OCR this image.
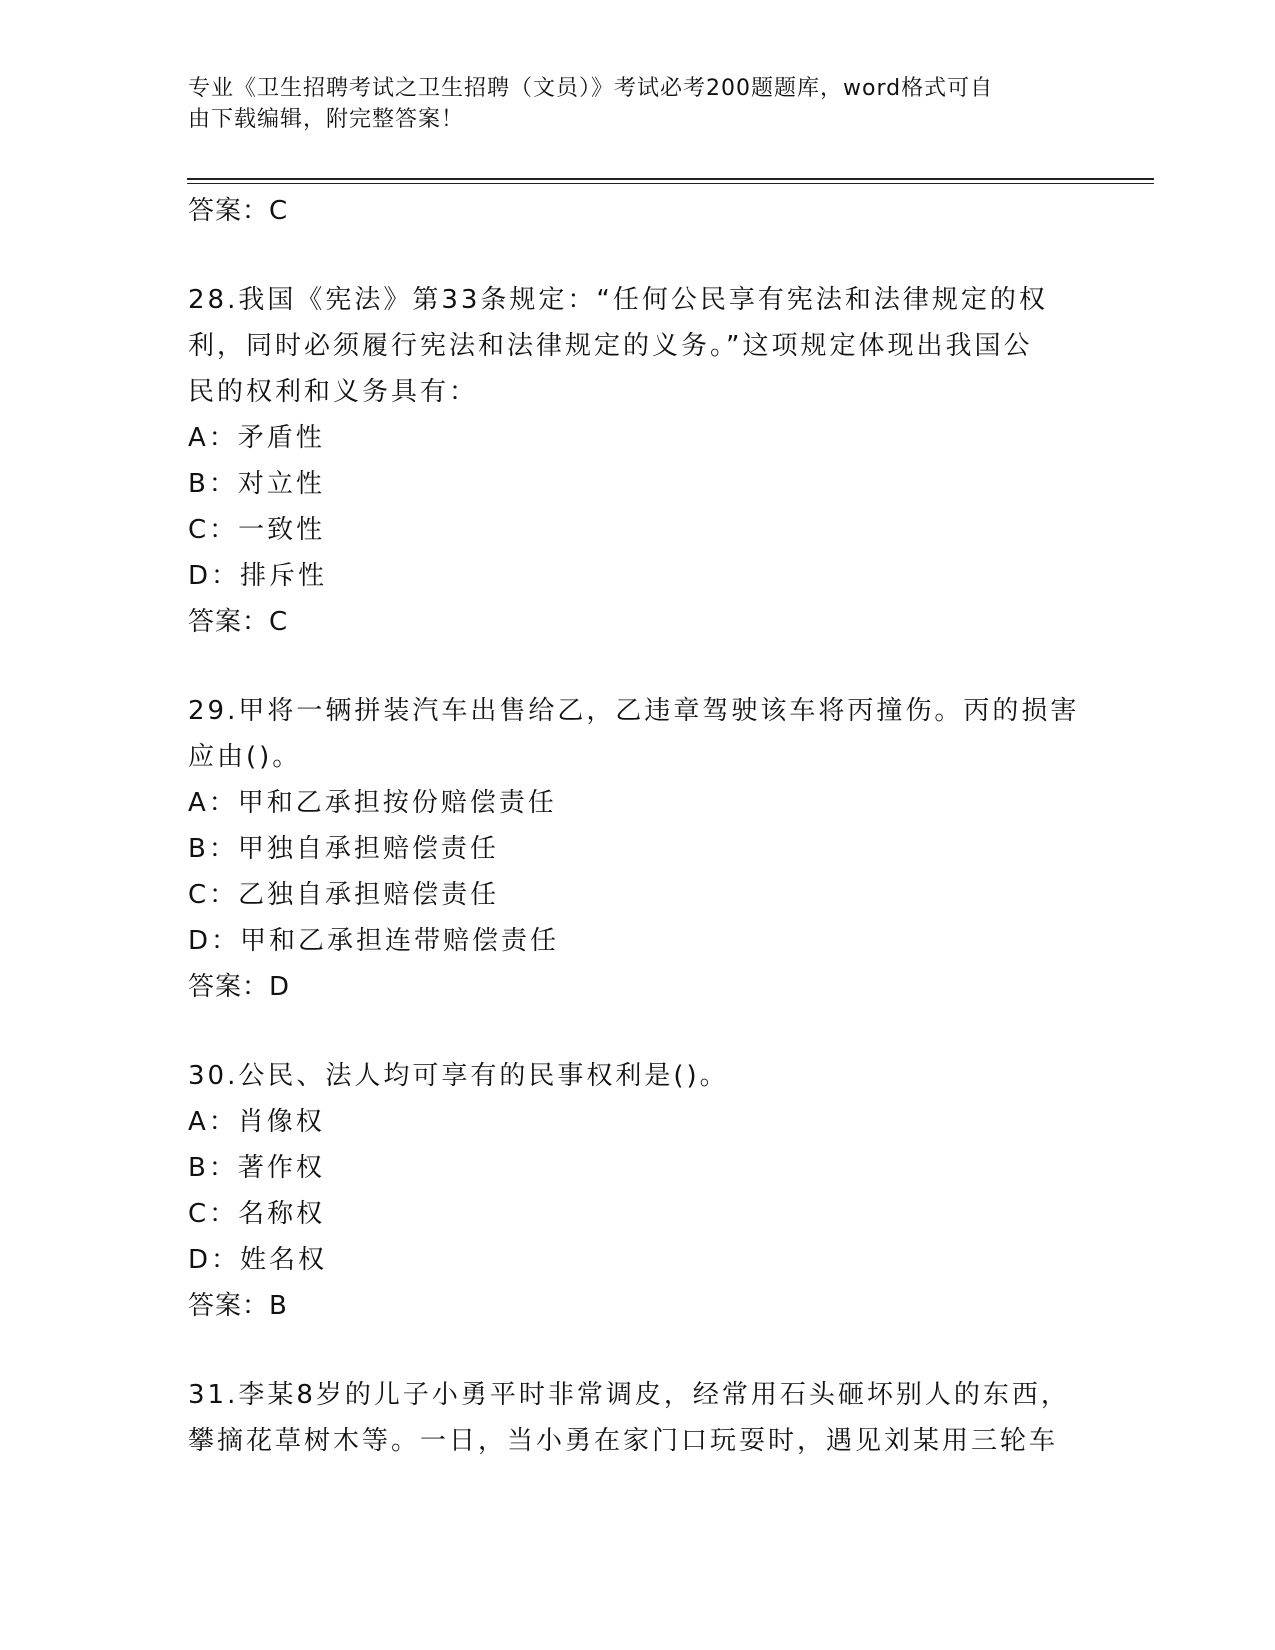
专业《卫生招聘考试之卫生招聘（文员）》考试必考200题题库，word格式可自
由下载编辑，附完整答案！
答案：C
28.我国《宪法》第33条规定：“任何公民享有宪法和法律规定的权
利，同时必须履行宪法和法律规定的义务。”这项规定体现出我国公
民的权利和义务具有：
A：矛盾性
B：对立性
C：一致性
D：排斥性
答案：C
29.甲将一辆拼装汽车出售给乙，乙违章驾驶该车将丙撞伤。丙的损害
应由()。
A：甲和乙承担按份赔偿责任
B：甲独自承担赔偿责任
C：乙独自承担赔偿责任
D：甲和乙承担连带赔偿责任
答案：D
30.公民、法人均可享有的民事权利是()。
A：肖像权
B：著作权
C：名称权
D：姓名权
答案：B
31.李某8岁的儿子小勇平时非常调皮，经常用石头砸坏别人的东西，
攀摘花草树木等。一日，当小勇在家门口玩耍时，遇见刘某用三轮车
